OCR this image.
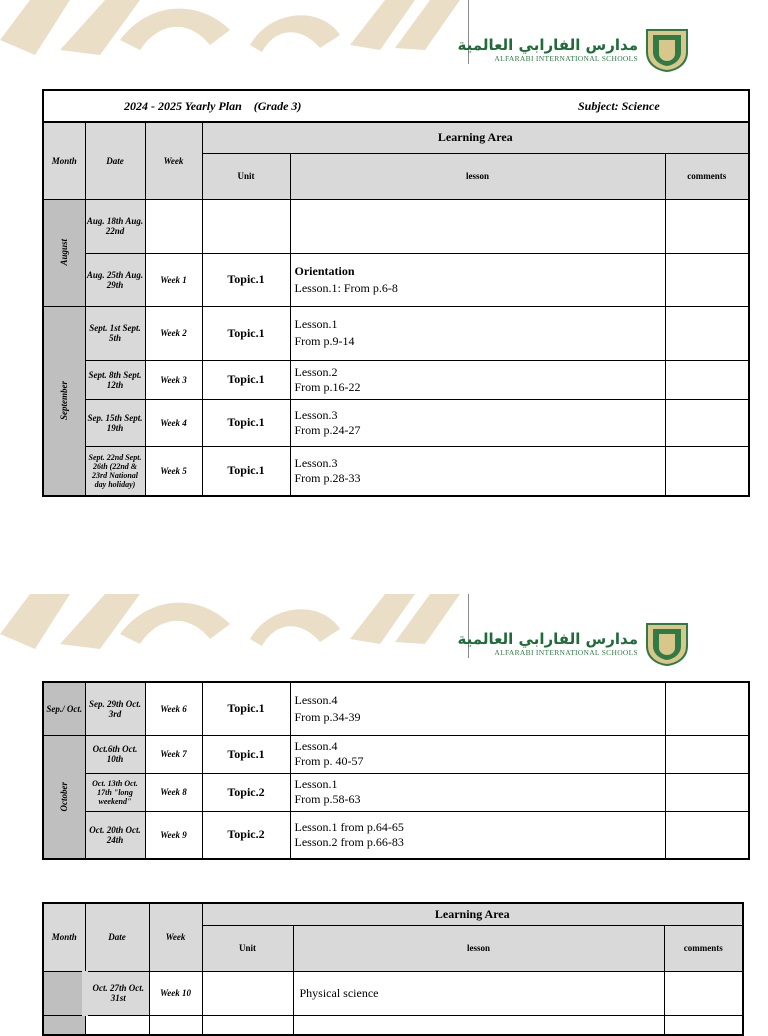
مدارس الفارابي العالمية
ALFARABI INTERNATIONAL SCHOOLS
2024 - 2025 Yearly Plan    (Grade 3) Subject: Science					

Month	Date	Week	Learning Area		
			Unit	lesson	comments

August	Aug. 18th Aug. 22nd				
	Aug. 25th Aug. 29th	Week 1	Topic.1	Orientation
Lesson.1: From p.6-8	

September	Sept. 1st Sept. 5th	Week 2	Topic.1	Lesson.1
From p.9-14	
	Sept. 8th Sept. 12th	Week 3	Topic.1	Lesson.2
From p.16-22	
	Sep. 15th Sept. 19th	Week 4	Topic.1	Lesson.3
From p.24-27	
	Sept. 22nd Sept. 26th (22nd & 23rd National day holiday)	Week 5	Topic.1	Lesson.3
From p.28-33	
مدارس الفارابي العالمية
ALFARABI INTERNATIONAL SCHOOLS
Sep./ Oct.	Sep. 29th Oct. 3rd	Week 6	Topic.1	Lesson.4
From p.34-39	

October	Oct.6th Oct. 10th	Week 7	Topic.1	Lesson.4
From p. 40-57	
	Oct. 13th Oct. 17th "long weekend"	Week 8	Topic.2	Lesson.1
From p.58-63	
	Oct. 20th Oct. 24th	Week 9	Topic.2	Lesson.1 from p.64-65
Lesson.2 from p.66-83	
Month	Date	Week	Learning Area		
			Unit	lesson	comments
	Oct. 27th Oct. 31st	Week 10		Physical science	
